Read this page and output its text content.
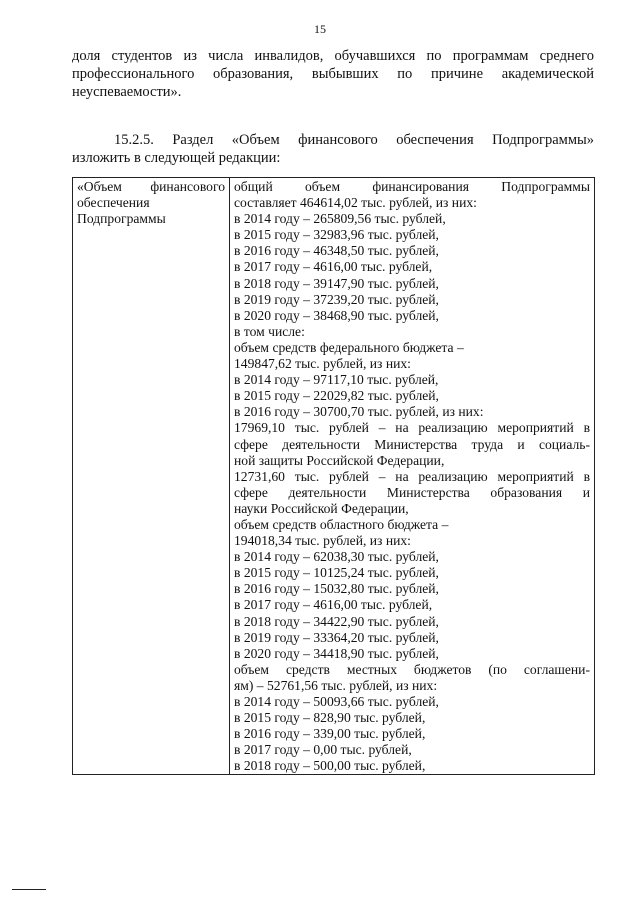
15
доля студентов из числа инвалидов, обучавшихся по программам среднего
профессионального образования, выбывших по причине академической
неуспеваемости».
15.2.5. Раздел «Объем финансового обеспечения Подпрограммы»
изложить в следующей редакции:
«Объем финансового
обеспечения
Подпрограммы

общий объем финансирования Подпрограммы
составляет 464614,02 тыс. рублей, из них:
в 2014 году – 265809,56 тыс. рублей,
в 2015 году – 32983,96 тыс. рублей,
в 2016 году – 46348,50 тыс. рублей,
в 2017 году – 4616,00 тыс. рублей,
в 2018 году – 39147,90 тыс. рублей,
в 2019 году – 37239,20 тыс. рублей,
в 2020 году – 38468,90 тыс. рублей,
в том числе:
объем средств федерального бюджета –
149847,62 тыс. рублей, из них:
в 2014 году – 97117,10 тыс. рублей,
в 2015 году – 22029,82 тыс. рублей,
в 2016 году – 30700,70 тыс. рублей, из них:
17969,10 тыс. рублей – на реализацию мероприятий в
сфере деятельности Министерства труда и социаль-
ной защиты Российской Федерации,
12731,60 тыс. рублей – на реализацию мероприятий в
сфере деятельности Министерства образования и
науки Российской Федерации,
объем средств областного бюджета –
194018,34 тыс. рублей, из них:
в 2014 году – 62038,30 тыс. рублей,
в 2015 году – 10125,24 тыс. рублей,
в 2016 году – 15032,80 тыс. рублей,
в 2017 году – 4616,00 тыс. рублей,
в 2018 году – 34422,90 тыс. рублей,
в 2019 году – 33364,20 тыс. рублей,
в 2020 году – 34418,90 тыс. рублей,
объем средств местных бюджетов (по соглашени-
ям) – 52761,56 тыс. рублей, из них:
в 2014 году – 50093,66 тыс. рублей,
в 2015 году – 828,90 тыс. рублей,
в 2016 году – 339,00 тыс. рублей,
в 2017 году – 0,00 тыс. рублей,
в 2018 году – 500,00 тыс. рублей,
